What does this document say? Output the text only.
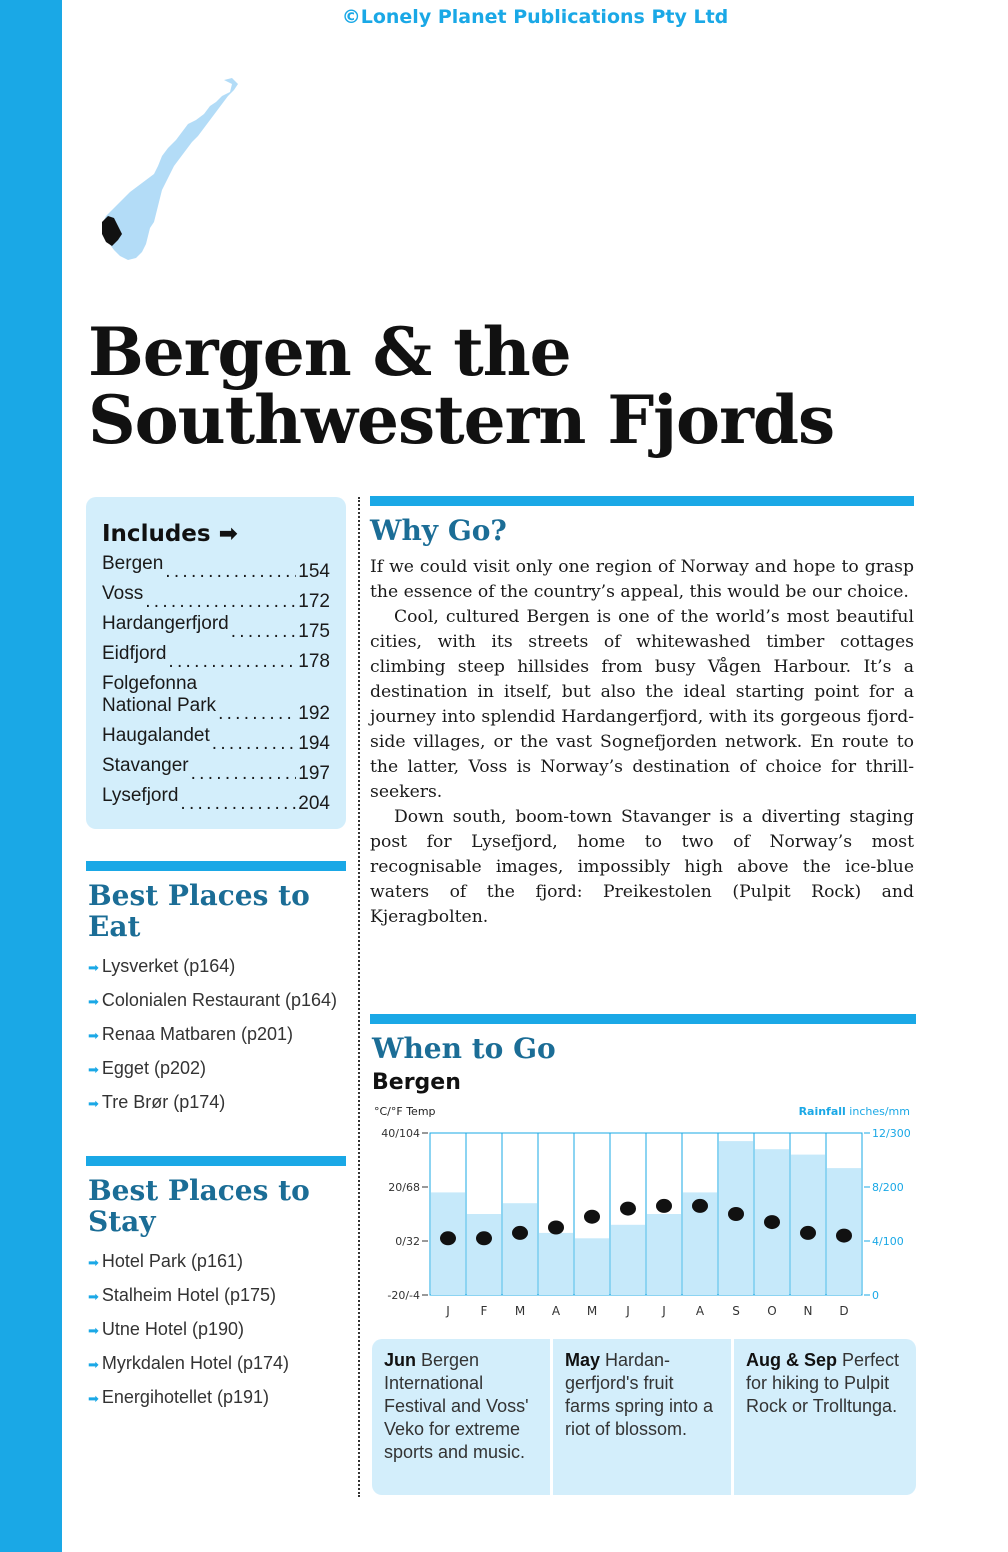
©Lonely Planet Publications Pty Ltd
Bergen & the
Southwestern Fjords
Includes ➡
Bergen . . .	154
Voss . . .	172
Hardangerfjord . . .	175
Eidfjord . . .	178
Folgefonna
National Park . . .	192
Haugalandet . . .	194
Stavanger . . .	197
Lysefjord . . .	204
Best Places to
Eat
➡ Lysverket (p164)
➡ Colonialen Restaurant (p164)
➡ Renaa Matbaren (p201)
➡ Egget (p202)
➡ Tre Brør (p174)
Best Places to
Stay
➡ Hotel Park (p161)
➡ Stalheim Hotel (p175)
➡ Utne Hotel (p190)
➡ Myrkdalen Hotel (p174)
➡ Energihotellet (p191)
Why Go?

If we could visit only one region of Norway and hope to grasp the essence of the country’s appeal, this would be our choice.

Cool, cultured Bergen is one of the world’s most beautiful cities, with its streets of whitewashed timber cottages climbing steep hillsides from busy Vågen Harbour. It’s a destination in itself, but also the ideal starting point for a journey into splendid Hardangerfjord, with its gorgeous fjord-side villages, or the vast Sognefjorden network. En route to the latter, Voss is Norway’s destination of choice for thrill-seekers.

Down south, boom-town Stavanger is a diverting staging post for Lysefjord, home to two of Norway’s most recognisable images, impossibly high above the ice-blue waters of the fjord: Preikestolen (Pulpit Rock) and Kjeragbolten.

When to Go
Bergen
°C/°F Temp	Rainfall inches/mm
40/104
20/68
0/32
-20/-4
12/300
8/200
4/100
0
J	F M A M J	J	A S O N D
Jun Bergen International Festival and Voss' Veko for extreme sports and music.
May Hardan-gerfjord's fruit farms spring into a riot of blossom.
Aug & Sep Perfect for hiking to Pulpit Rock or Trolltunga.
